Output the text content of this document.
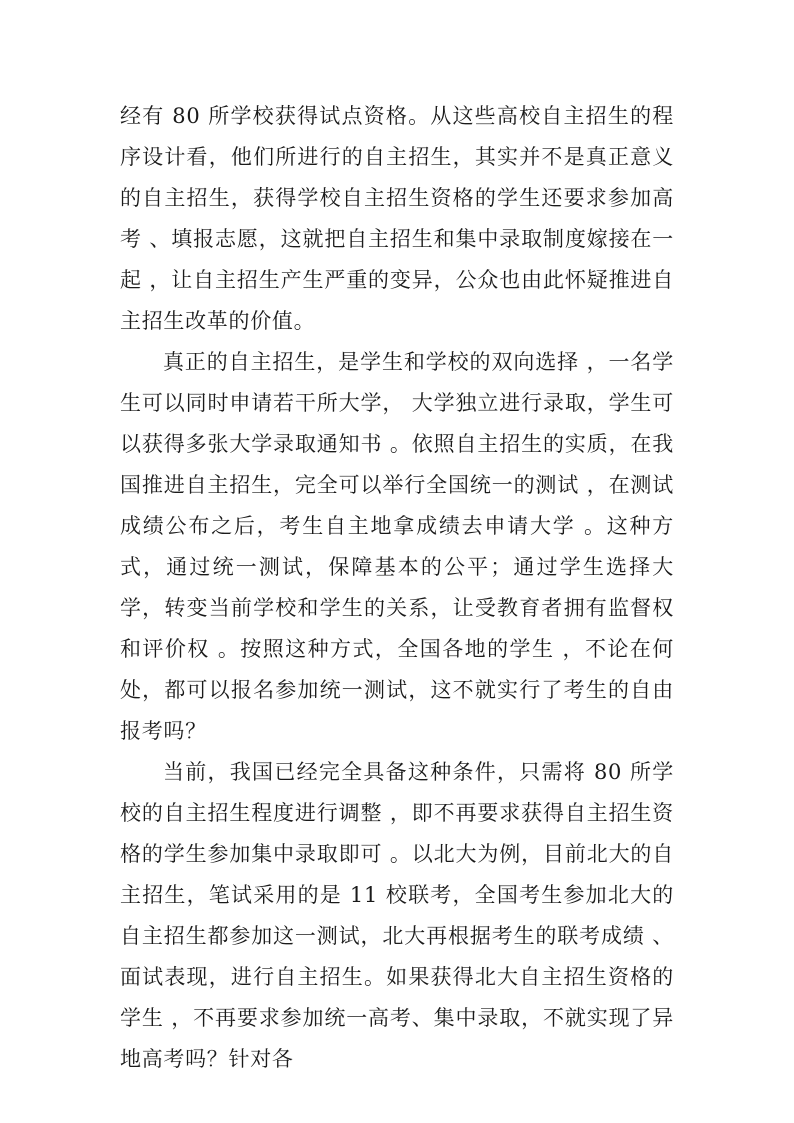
经有 80 所学校获得试点资格。从这些高校自主招生的程序设计看，他们所进行的自主招生，其实并不是真正意义的自主招生，获得学校自主招生资格的学生还要求参加高考 、填报志愿，这就把自主招生和集中录取制度嫁接在一起 ，让自主招生产生严重的变异，公众也由此怀疑推进自主招生改革的价值。

真正的自主招生，是学生和学校的双向选择 ，一名学生可以同时申请若干所大学， 大学独立进行录取，学生可以获得多张大学录取通知书 。依照自主招生的实质，在我国推进自主招生，完全可以举行全国统一的测试 ，在测试成绩公布之后，考生自主地拿成绩去申请大学 。这种方式，通过统一测试，保障基本的公平；通过学生选择大学，转变当前学校和学生的关系，让受教育者拥有监督权和评价权 。按照这种方式，全国各地的学生 ，不论在何处，都可以报名参加统一测试，这不就实行了考生的自由报考吗？

当前，我国已经完全具备这种条件，只需将 80 所学校的自主招生程度进行调整 ，即不再要求获得自主招生资格的学生参加集中录取即可 。以北大为例，目前北大的自主招生，笔试采用的是 11 校联考，全国考生参加北大的自主招生都参加这一测试，北大再根据考生的联考成绩 、面试表现，进行自主招生。如果获得北大自主招生资格的学生 ，不再要求参加统一高考、集中录取，不就实现了异地高考吗？针对各
